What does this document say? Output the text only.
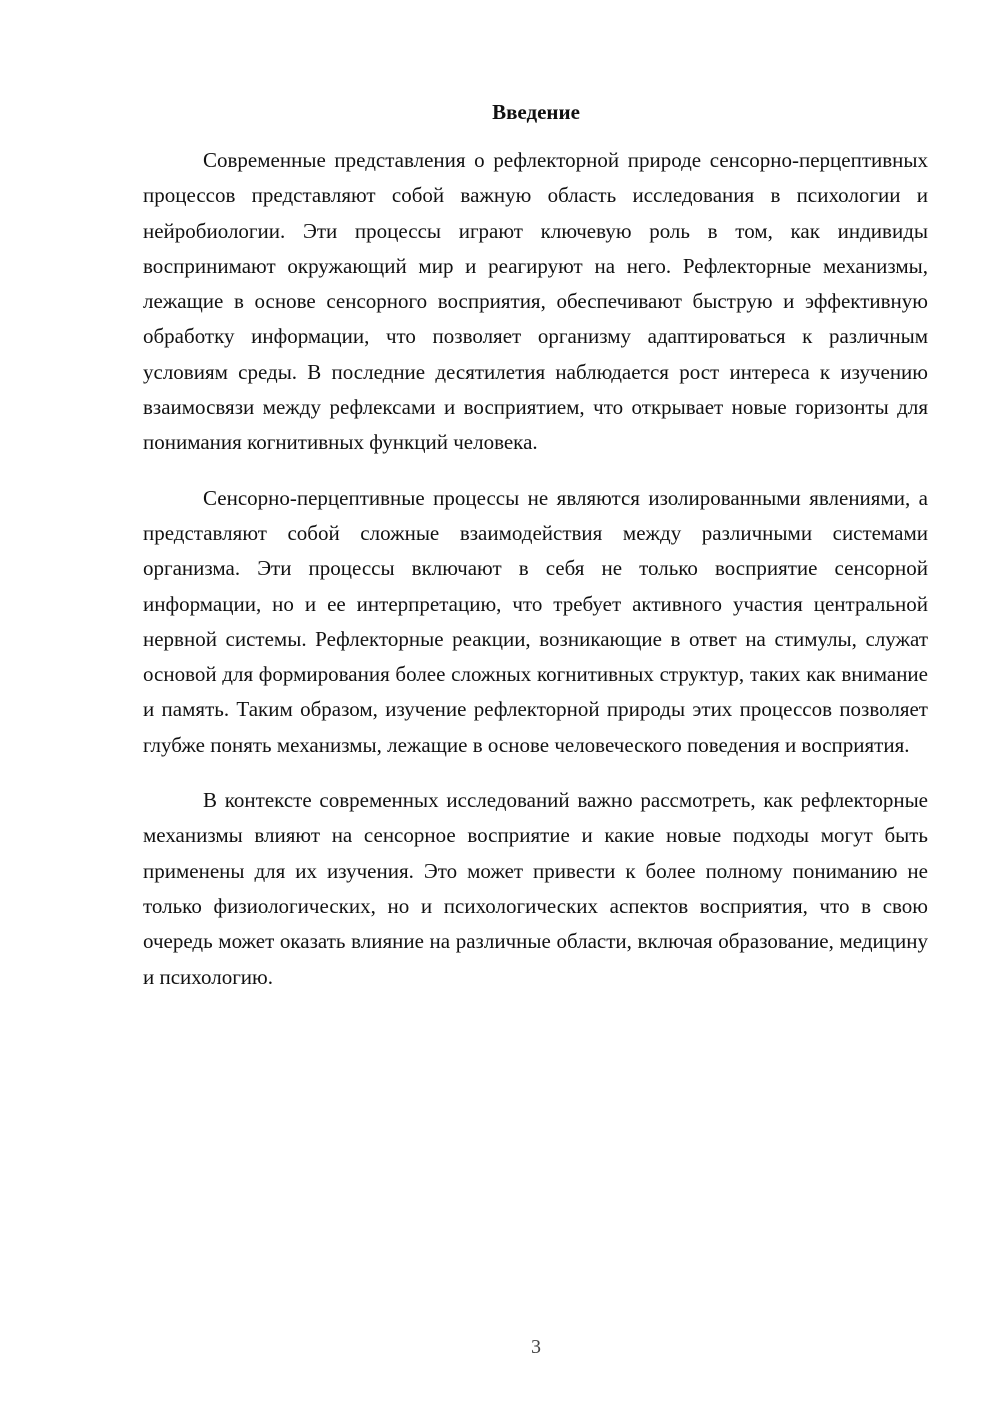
Введение

Современные представления о рефлекторной природе сенсорно-перцептивных процессов представляют собой важную область исследования в психологии и нейробиологии. Эти процессы играют ключевую роль в том, как индивиды воспринимают окружающий мир и реагируют на него. Рефлекторные механизмы, лежащие в основе сенсорного восприятия, обеспечивают быструю и эффективную обработку информации, что позволяет организму адаптироваться к различным условиям среды. В последние десятилетия наблюдается рост интереса к изучению взаимосвязи между рефлексами и восприятием, что открывает новые горизонты для понимания когнитивных функций человека.

Сенсорно-перцептивные процессы не являются изолированными явлениями, а представляют собой сложные взаимодействия между различными системами организма. Эти процессы включают в себя не только восприятие сенсорной информации, но и ее интерпретацию, что требует активного участия центральной нервной системы. Рефлекторные реакции, возникающие в ответ на стимулы, служат основой для формирования более сложных когнитивных структур, таких как внимание и память. Таким образом, изучение рефлекторной природы этих процессов позволяет глубже понять механизмы, лежащие в основе человеческого поведения и восприятия.

В контексте современных исследований важно рассмотреть, как рефлекторные механизмы влияют на сенсорное восприятие и какие новые подходы могут быть применены для их изучения. Это может привести к более полному пониманию не только физиологических, но и психологических аспектов восприятия, что в свою очередь может оказать влияние на различные области, включая образование, медицину и психологию.

3
